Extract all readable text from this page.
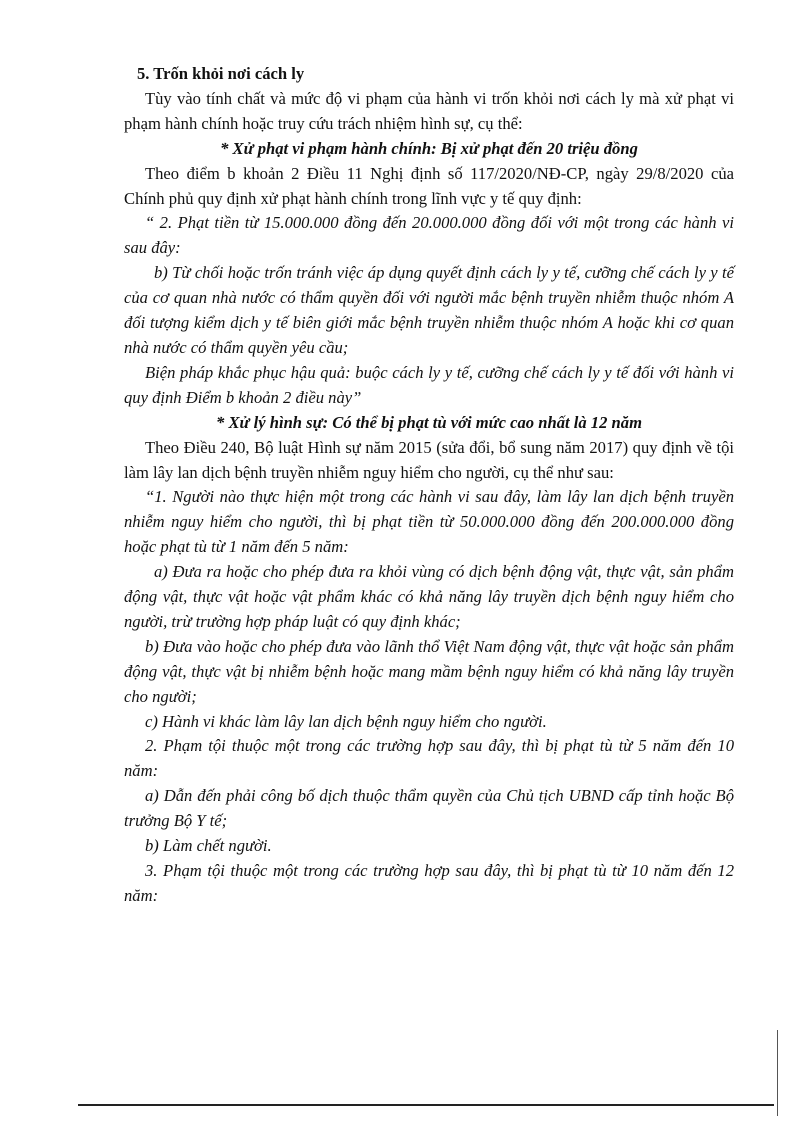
5. Trốn khỏi nơi cách ly

Tùy vào tính chất và mức độ vi phạm của hành vi trốn khỏi nơi cách ly mà xử phạt vi phạm hành chính hoặc truy cứu trách nhiệm hình sự, cụ thể:

* Xử phạt vi phạm hành chính: Bị xử phạt đến 20 triệu đồng

Theo điểm b khoản 2 Điều 11 Nghị định số 117/2020/NĐ-CP, ngày 29/8/2020 của Chính phủ quy định xử phạt hành chính trong lĩnh vực y tế quy định:

“ 2. Phạt tiền từ 15.000.000 đồng đến 20.000.000 đồng đối với một trong các hành vi sau đây:

b) Từ chối hoặc trốn tránh việc áp dụng quyết định cách ly y tế, cưỡng chế cách ly y tế của cơ quan nhà nước có thẩm quyền đối với người mắc bệnh truyền nhiễm thuộc nhóm A đối tượng kiểm dịch y tế biên giới mắc bệnh truyền nhiễm thuộc nhóm A hoặc khi cơ quan nhà nước có thẩm quyền yêu cầu;

Biện pháp khắc phục hậu quả: buộc cách ly y tế, cưỡng chế cách ly y tế đối với hành vi quy định Điểm b khoản 2 điều này”

* Xử lý hình sự: Có thể bị phạt tù với mức cao nhất là 12 năm

Theo Điều 240, Bộ luật Hình sự năm 2015 (sửa đổi, bổ sung năm 2017) quy định về tội làm lây lan dịch bệnh truyền nhiễm nguy hiểm cho người, cụ thể như sau:

“1. Người nào thực hiện một trong các hành vi sau đây, làm lây lan dịch bệnh truyền nhiễm nguy hiểm cho người, thì bị phạt tiền từ 50.000.000 đồng đến 200.000.000 đồng hoặc phạt tù từ 1 năm đến 5 năm:

a) Đưa ra hoặc cho phép đưa ra khỏi vùng có dịch bệnh động vật, thực vật, sản phẩm động vật, thực vật hoặc vật phẩm khác có khả năng lây truyền dịch bệnh nguy hiểm cho người, trừ trường hợp pháp luật có quy định khác;

b) Đưa vào hoặc cho phép đưa vào lãnh thổ Việt Nam động vật, thực vật hoặc sản phẩm động vật, thực vật bị nhiễm bệnh hoặc mang mầm bệnh nguy hiểm có khả năng lây truyền cho người;

c) Hành vi khác làm lây lan dịch bệnh nguy hiểm cho người.

2. Phạm tội thuộc một trong các trường hợp sau đây, thì bị phạt tù từ 5 năm đến 10 năm:

a) Dẫn đến phải công bố dịch thuộc thẩm quyền của Chủ tịch UBND cấp tỉnh hoặc Bộ trưởng Bộ Y tế;

b) Làm chết người.

3. Phạm tội thuộc một trong các trường hợp sau đây, thì bị phạt tù từ 10 năm đến 12 năm:
